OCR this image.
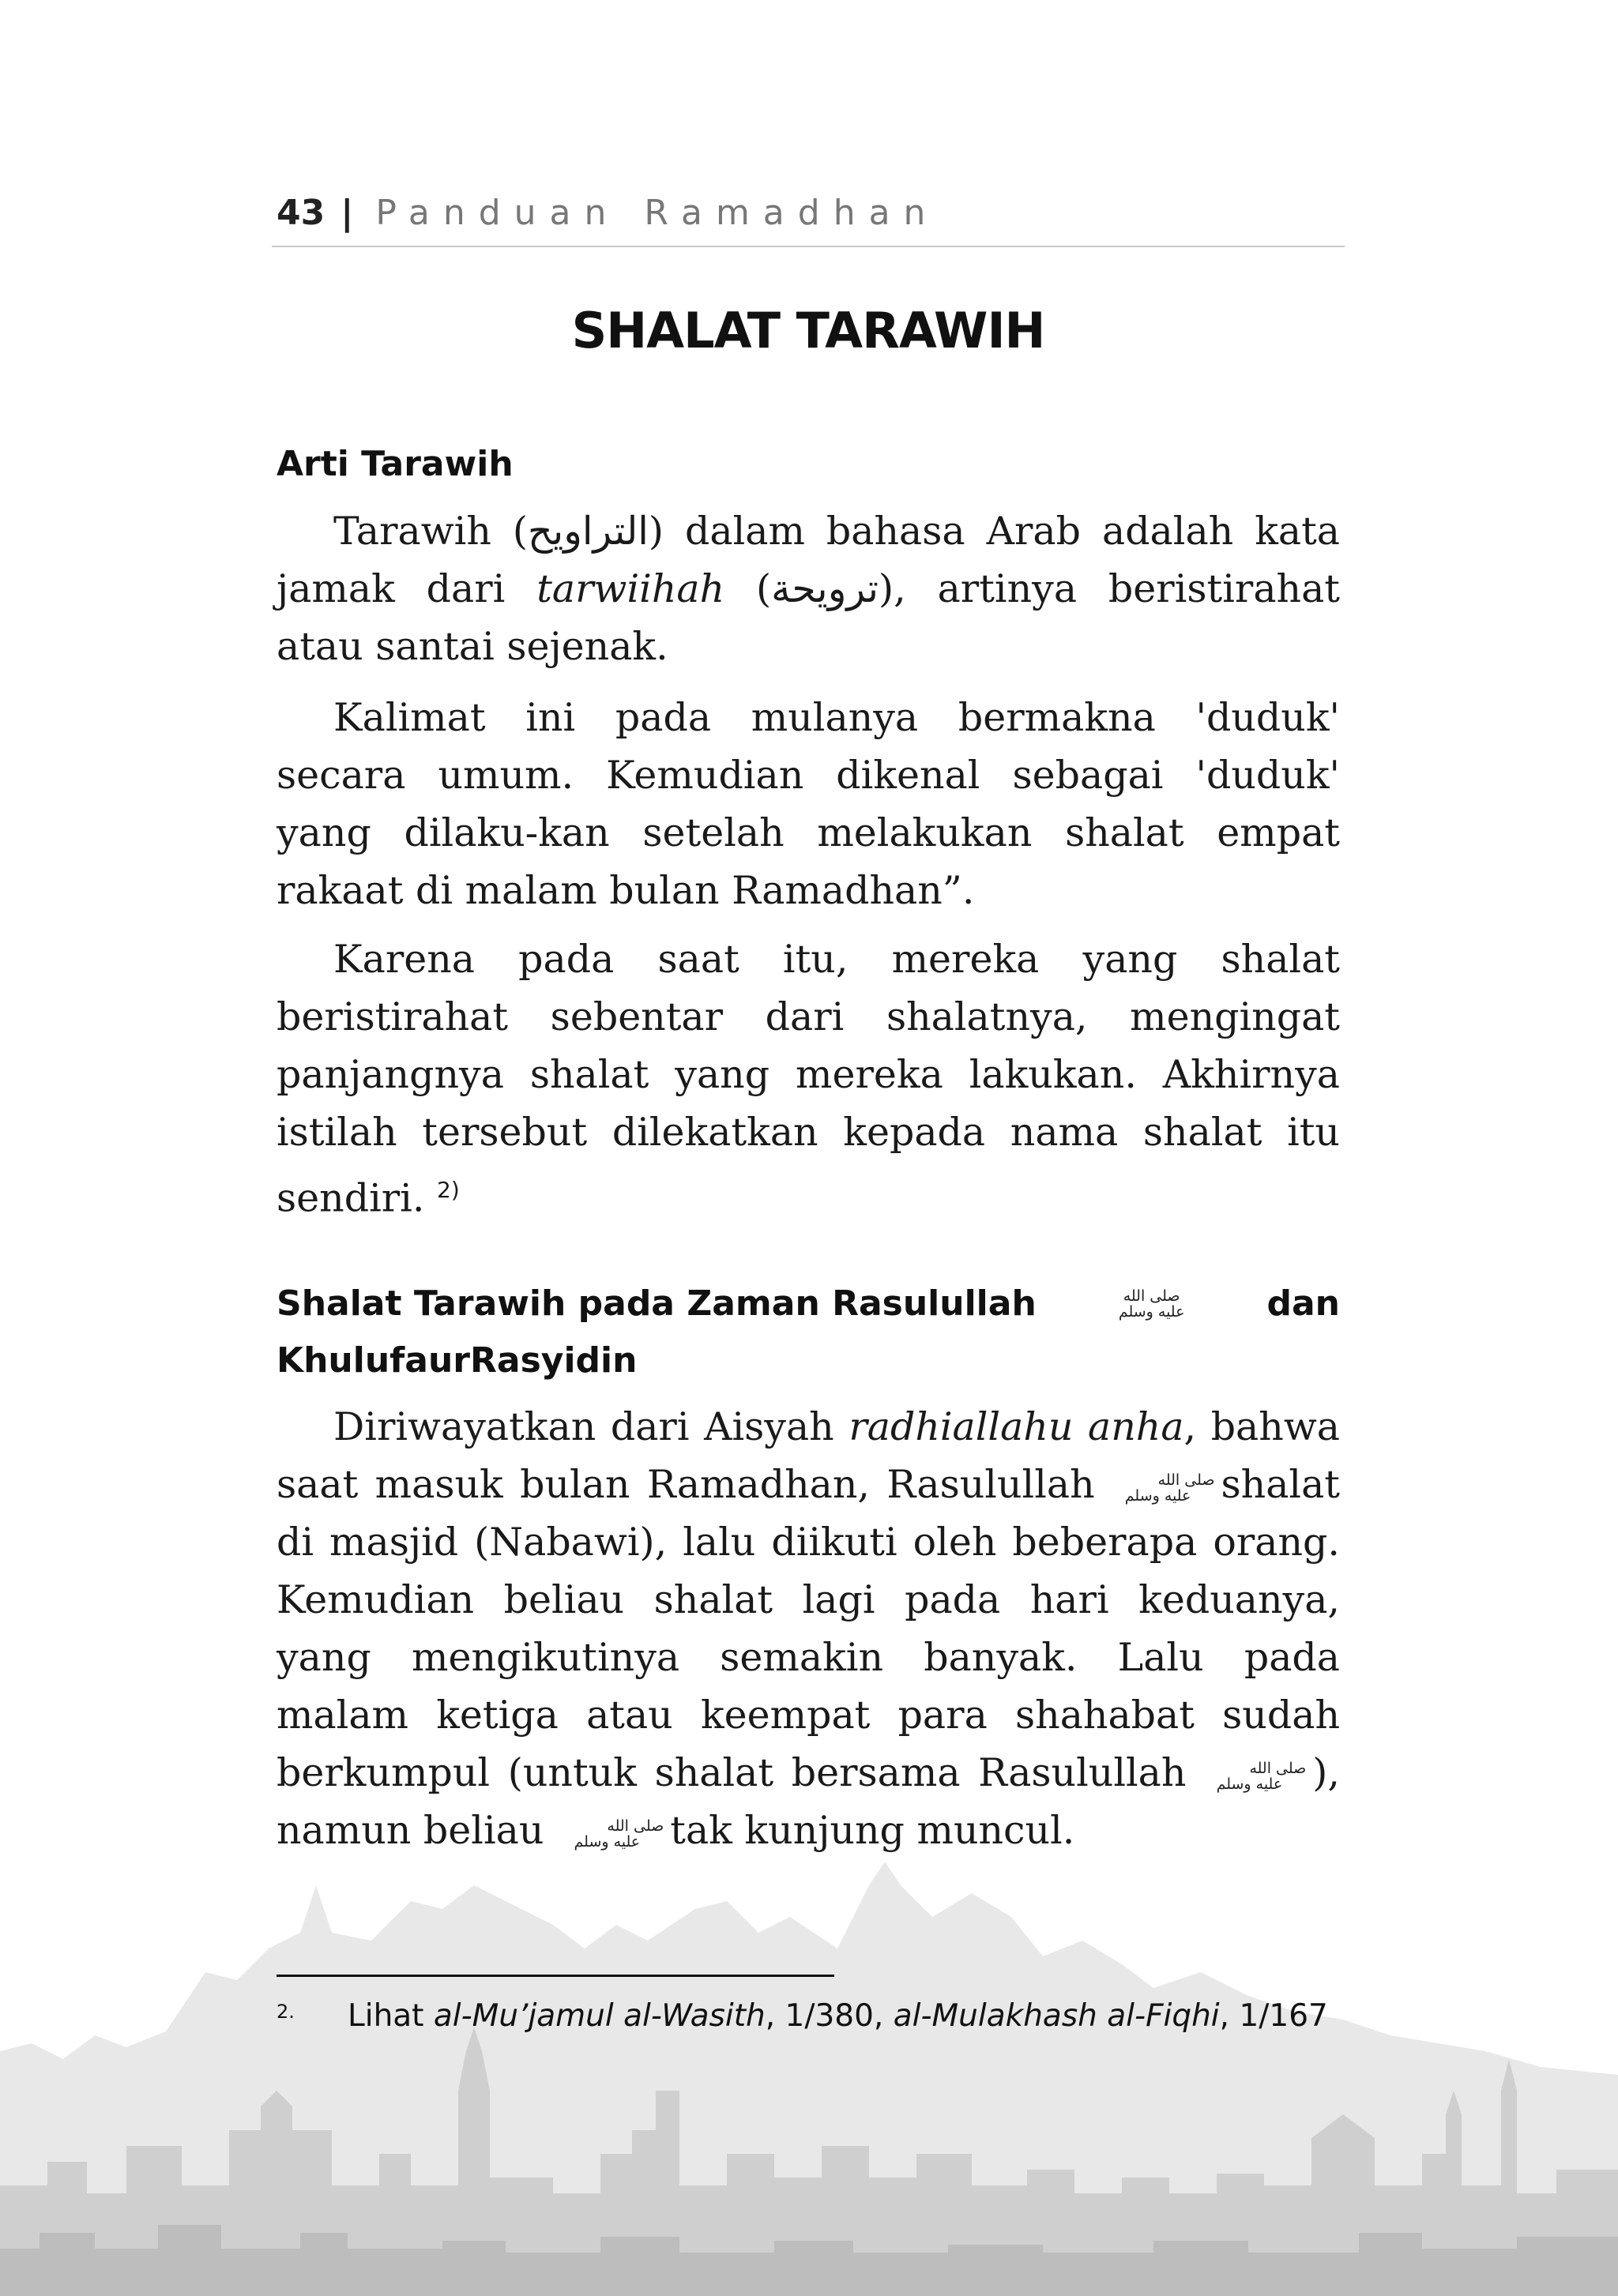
43 | Panduan Ramadhan
SHALAT TARAWIH
Arti Tarawih
Tarawih (التراويح) dalam bahasa Arab adalah kata jamak dari tarwiihah (ترويحة), artinya beristirahat atau santai sejenak.
Kalimat ini pada mulanya bermakna 'duduk' secara umum. Kemudian dikenal sebagai 'duduk' yang dilaku-kan setelah melakukan shalat empat rakaat di malam bulan Ramadhan”.
Karena pada saat itu, mereka yang shalat beristirahat sebentar dari shalatnya, mengingat panjangnya shalat yang mereka lakukan. Akhirnya istilah tersebut dilekatkan kepada nama shalat itu sendiri. $^{2)}$
Shalat Tarawih pada Zaman Rasulullah	صلى الله
عليه وسلم dan
KhulufaurRasyidin
Diriwayatkan dari Aisyah radhiallahu anha, bahwa saat masuk bulan Ramadhan, Rasulullah	صلى الله
عليه وسلم shalat di masjid (Nabawi), lalu diikuti oleh beberapa orang. Kemudian beliau shalat lagi pada hari keduanya, yang mengikutinya semakin banyak. Lalu pada malam ketiga atau keempat para shahabat sudah berkumpul (untuk shalat bersama Rasulullah	صلى الله
عليه وسلم ), namun beliau	صلى الله
عليه وسلم tak kunjung muncul.
2. Lihat al-Mu’jamul al-Wasith, 1/380, al-Mulakhash al-Fiqhi, 1/167
